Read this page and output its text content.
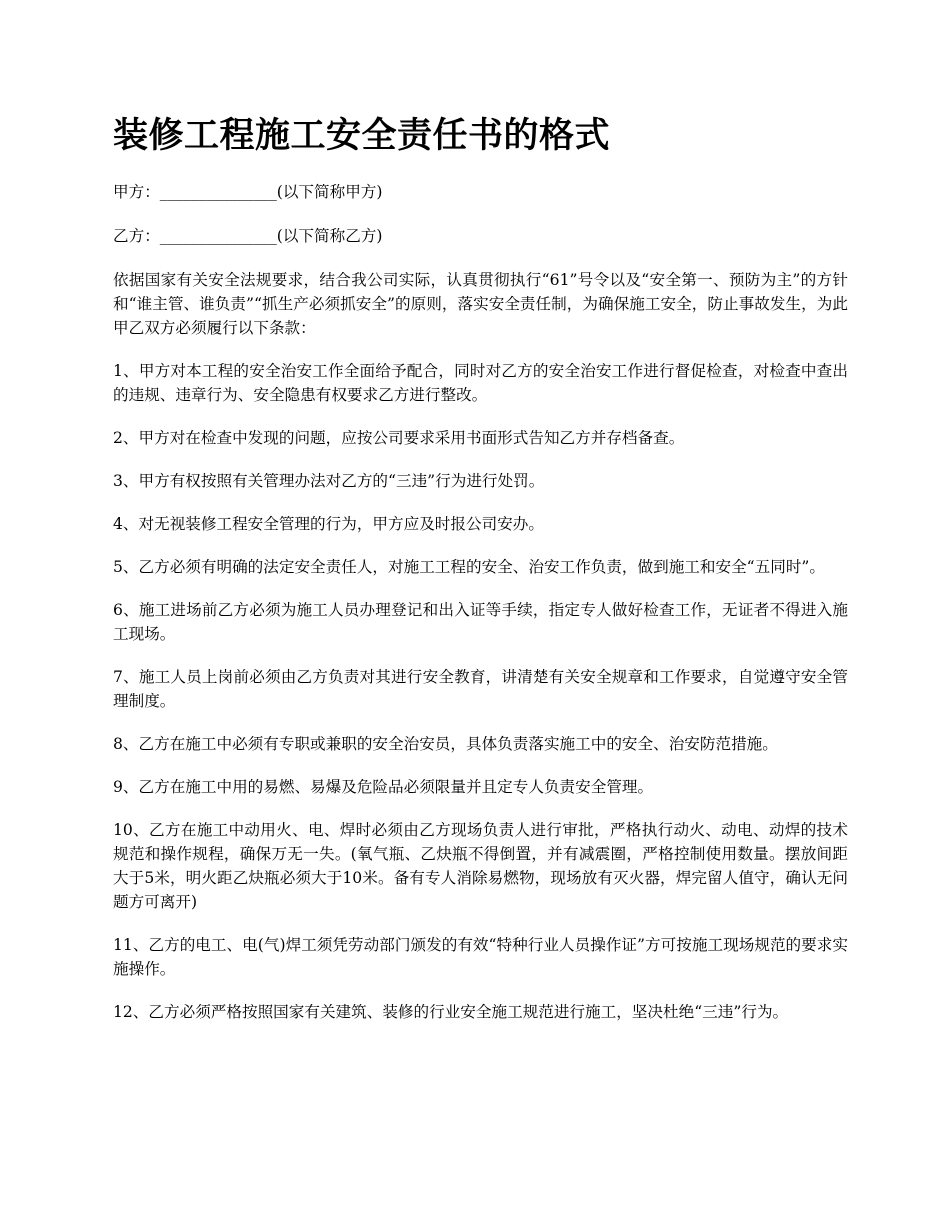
装修工程施工安全责任书的格式

甲方：_______________(以下简称甲方)

乙方：_______________(以下简称乙方)

依据国家有关安全法规要求，结合我公司实际，认真贯彻执行“61”号令以及“安全第一、预防为主”的方针和“谁主管、谁负责”“抓生产必须抓安全”的原则，落实安全责任制，为确保施工安全，防止事故发生，为此甲乙双方必须履行以下条款：

1、甲方对本工程的安全治安工作全面给予配合，同时对乙方的安全治安工作进行督促检查，对检查中查出的违规、违章行为、安全隐患有权要求乙方进行整改。

2、甲方对在检查中发现的问题，应按公司要求采用书面形式告知乙方并存档备查。

3、甲方有权按照有关管理办法对乙方的“三违”行为进行处罚。

4、对无视装修工程安全管理的行为，甲方应及时报公司安办。

5、乙方必须有明确的法定安全责任人，对施工工程的安全、治安工作负责，做到施工和安全“五同时”。

6、施工进场前乙方必须为施工人员办理登记和出入证等手续，指定专人做好检查工作，无证者不得进入施工现场。

7、施工人员上岗前必须由乙方负责对其进行安全教育，讲清楚有关安全规章和工作要求，自觉遵守安全管理制度。

8、乙方在施工中必须有专职或兼职的安全治安员，具体负责落实施工中的安全、治安防范措施。

9、乙方在施工中用的易燃、易爆及危险品必须限量并且定专人负责安全管理。

10、乙方在施工中动用火、电、焊时必须由乙方现场负责人进行审批，严格执行动火、动电、动焊的技术规范和操作规程，确保万无一失。(氧气瓶、乙炔瓶不得倒置，并有减震圈，严格控制使用数量。摆放间距大于5米，明火距乙炔瓶必须大于10米。备有专人消除易燃物，现场放有灭火器，焊完留人值守，确认无问题方可离开)

11、乙方的电工、电(气)焊工须凭劳动部门颁发的有效“特种行业人员操作证”方可按施工现场规范的要求实施操作。

12、乙方必须严格按照国家有关建筑、装修的行业安全施工规范进行施工，坚决杜绝“三违”行为。
